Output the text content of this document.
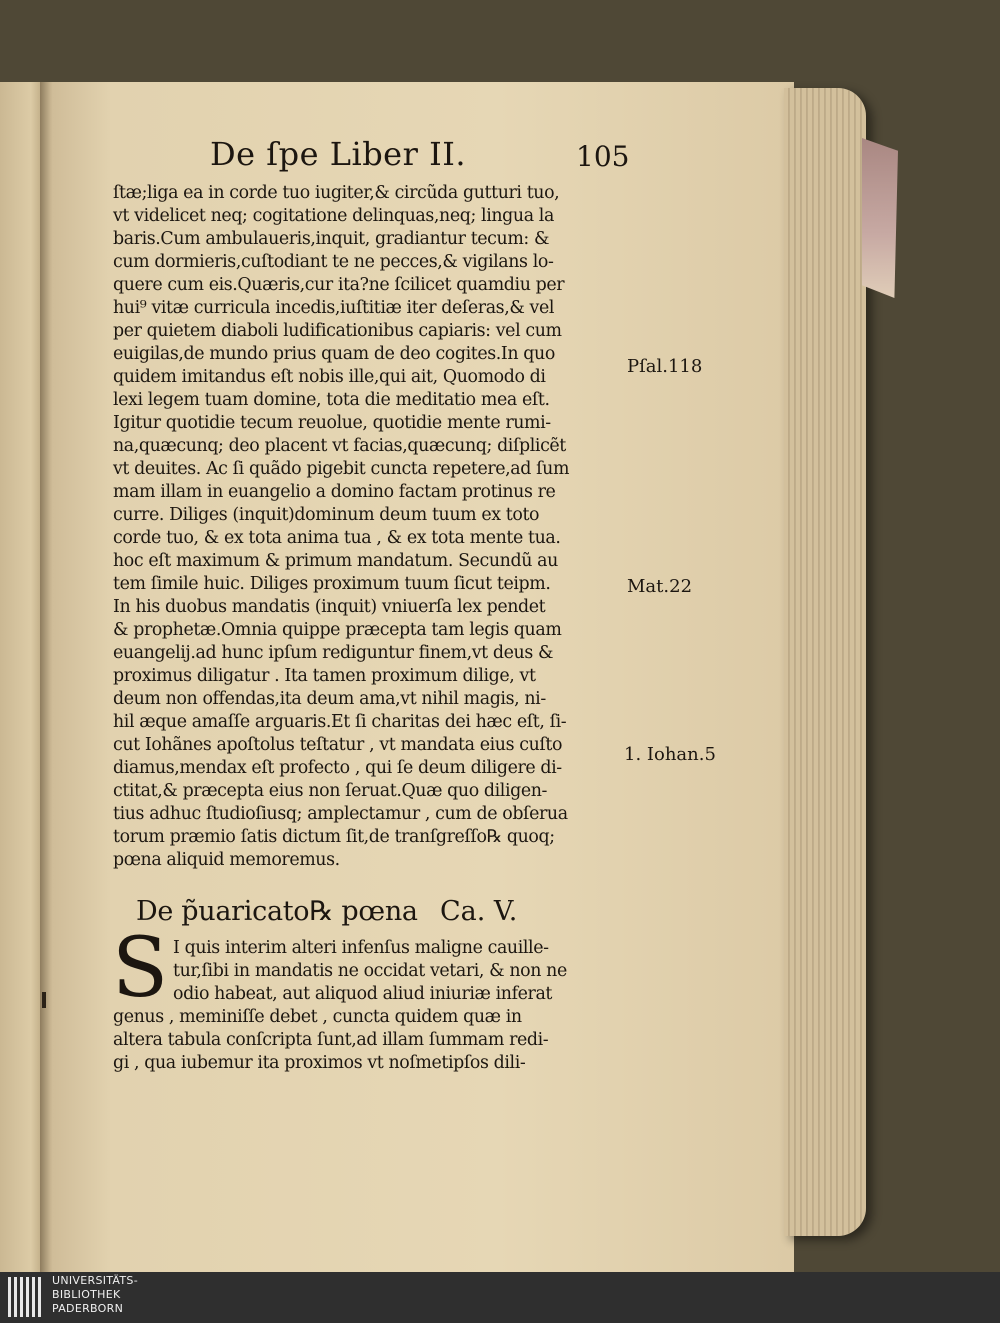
De ſpe Liber II.	105
ſtæ;liga ea in corde tuo iugiter,& circũda gutturi tuo,
vt videlicet neq; cogitatione delinquas,neq; lingua la
baris.Cum ambulaueris,inquit, gradiantur tecum: &
cum dormieris,cuſtodiant te ne pecces,& vigilans lo-
quere cum eis.Quæris,cur ita?ne ſcilicet quamdiu per
hui⁹ vitæ curricula incedis,iuſtitiæ iter deſeras,& vel
per quietem diaboli ludificationibus capiaris: vel cum
euigilas,de mundo prius quam de deo cogites.In quo
quidem imitandus eſt nobis ille,qui ait, Quomodo di
lexi legem tuam domine, tota die meditatio mea eſt.
Igitur quotidie tecum reuolue, quotidie mente rumi-
na,quæcunq; deo placent vt facias,quæcunq; diſplicẽt
vt deuites. Ac ſi quãdo pigebit cuncta repetere,ad ſum
mam illam in euangelio a domino factam protinus re
curre. Diliges (inquit)dominum deum tuum ex toto
corde tuo, & ex tota anima tua , & ex tota mente tua.
hoc eſt maximum & primum mandatum. Secundũ au
tem ſimile huic. Diliges proximum tuum ſicut teipm.
In his duobus mandatis (inquit) vniuerſa lex pendet
& prophetæ.Omnia quippe præcepta tam legis quam
euangelij.ad hunc ipſum rediguntur finem,vt deus &
proximus diligatur . Ita tamen proximum dilige, vt
deum non offendas,ita deum ama,vt nihil magis, ni-
hil æque amaſſe arguaris.Et ſi charitas dei hæc eſt, ſi-
cut Iohãnes apoſtolus teſtatur , vt mandata eius cuſto
diamus,mendax eſt profecto , qui ſe deum diligere di-
ctitat,& præcepta eius non ſeruat.Quæ quo diligen-
tius adhuc ſtudioſiusq; amplectamur , cum de obſerua
torum præmio ſatis dictum ſit,de tranſgreſſo℞ quoq;
pœna aliquid memoremus.
Pſal.118
Mat.22
1. Iohan.5
De p̃uaricato℞ pœna Ca. V.
S I quis interim alteri infenſus maligne cauille-
tur,ſibi in mandatis ne occidat vetari, & non ne
odio habeat, aut aliquod aliud iniuriæ inferat
genus , meminiſſe debet , cuncta quidem quæ in
altera tabula conſcripta ſunt,ad illam ſummam redi-
gi , qua iubemur ita proximos vt noſmetipſos dili-
UNIVERSITÄTS-
BIBLIOTHEK
PADERBORN
